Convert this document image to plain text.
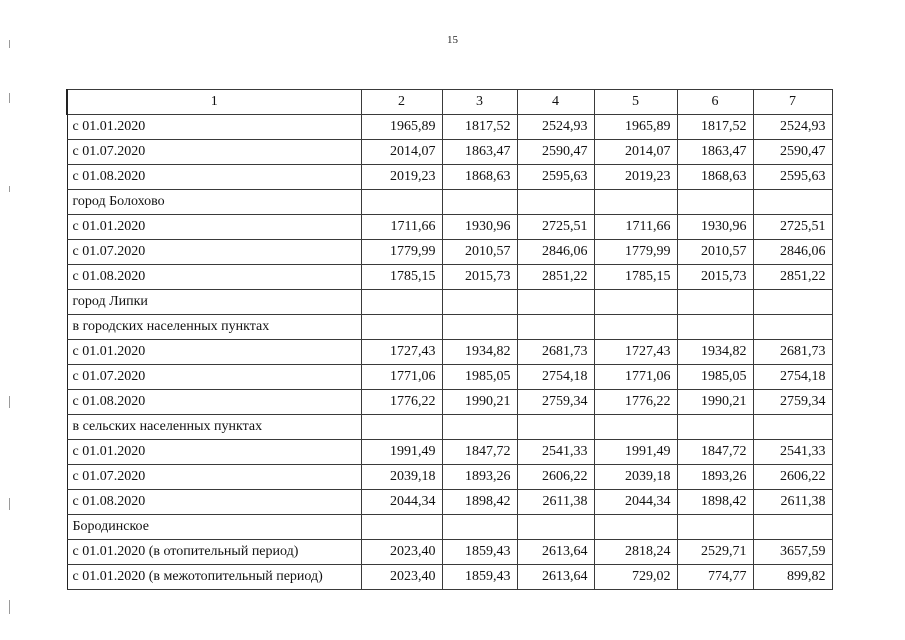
15
1	2	3	4	5	6	7
с 01.01.2020	1965,89	1817,52	2524,93	1965,89	1817,52	2524,93
с 01.07.2020	2014,07	1863,47	2590,47	2014,07	1863,47	2590,47
с 01.08.2020	2019,23	1868,63	2595,63	2019,23	1868,63	2595,63
город Болохово						
с 01.01.2020	1711,66	1930,96	2725,51	1711,66	1930,96	2725,51
с 01.07.2020	1779,99	2010,57	2846,06	1779,99	2010,57	2846,06
с 01.08.2020	1785,15	2015,73	2851,22	1785,15	2015,73	2851,22
город Липки						
в городских населенных пунктах						
с 01.01.2020	1727,43	1934,82	2681,73	1727,43	1934,82	2681,73
с 01.07.2020	1771,06	1985,05	2754,18	1771,06	1985,05	2754,18
с 01.08.2020	1776,22	1990,21	2759,34	1776,22	1990,21	2759,34
в сельских населенных пунктах						
с 01.01.2020	1991,49	1847,72	2541,33	1991,49	1847,72	2541,33
с 01.07.2020	2039,18	1893,26	2606,22	2039,18	1893,26	2606,22
с 01.08.2020	2044,34	1898,42	2611,38	2044,34	1898,42	2611,38
Бородинское						
с 01.01.2020 (в отопительный период)	2023,40	1859,43	2613,64	2818,24	2529,71	3657,59
с 01.01.2020 (в межотопительный период)	2023,40	1859,43	2613,64	729,02	774,77	899,82
